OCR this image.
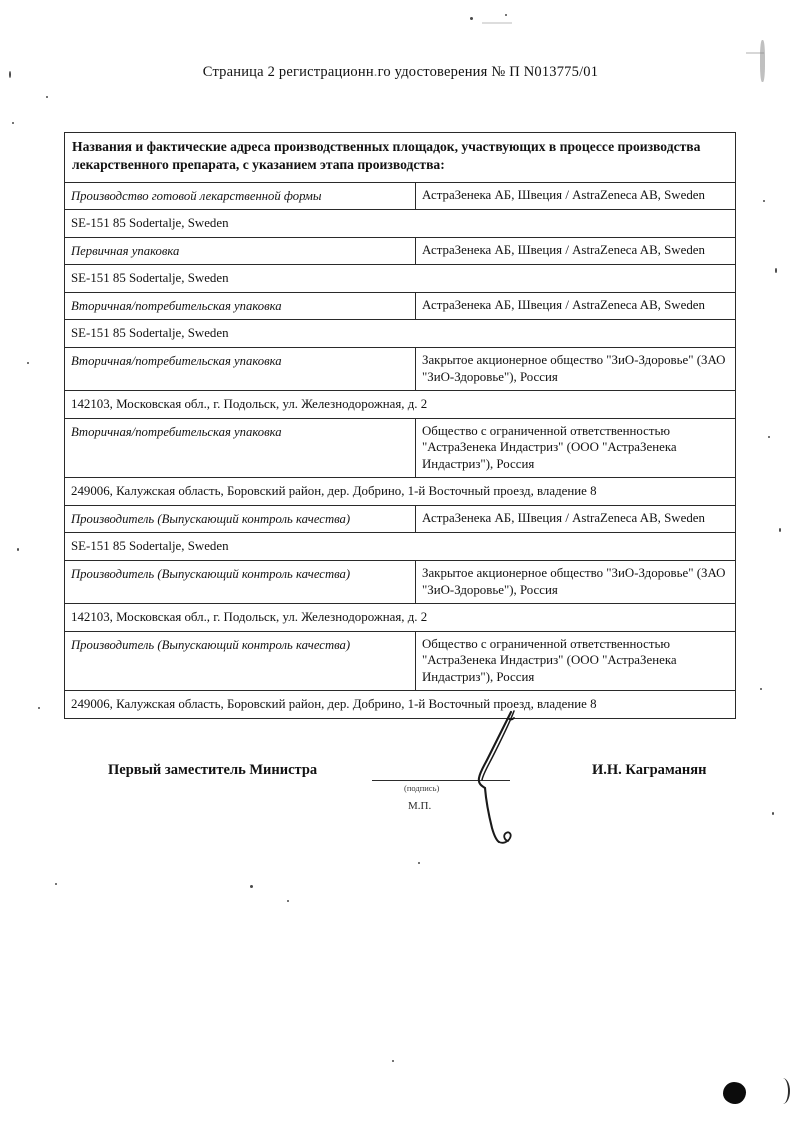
Страница 2 регистрационн.го удостоверения № П N013775/01
Названия и фактические адреса производственных площадок, участвующих в процессе производства лекарственного препарата, с указанием этапа производства:	
Производство готовой лекарственной формы	АстраЗенека АБ, Швеция / AstraZeneca AB, Sweden
SE-151 85 Sodertalje, Sweden	
Первичная упаковка	АстраЗенека АБ, Швеция / AstraZeneca AB, Sweden
SE-151 85 Sodertalje, Sweden	
Вторичная/потребительская упаковка	АстраЗенека АБ, Швеция / AstraZeneca AB, Sweden
SE-151 85 Sodertalje, Sweden	
Вторичная/потребительская упаковка	Закрытое акционерное общество "ЗиО-Здоровье" (ЗАО "ЗиО-Здоровье"), Россия
142103, Московская обл., г. Подольск, ул. Железнодорожная, д. 2	
Вторичная/потребительская упаковка	Общество с ограниченной ответственностью "АстраЗенека Индастриз" (ООО "АстраЗенека Индастриз"), Россия
249006, Калужская область, Боровский район, дер. Добрино, 1-й Восточный проезд, владение 8	
Производитель (Выпускающий контроль качества)	АстраЗенека АБ, Швеция / AstraZeneca AB, Sweden
SE-151 85 Sodertalje, Sweden	
Производитель (Выпускающий контроль качества)	Закрытое акционерное общество "ЗиО-Здоровье" (ЗАО "ЗиО-Здоровье"), Россия
142103, Московская обл., г. Подольск, ул. Железнодорожная, д. 2	
Производитель (Выпускающий контроль качества)	Общество с ограниченной ответственностью "АстраЗенека Индастриз" (ООО "АстраЗенека Индастриз"), Россия
249006, Калужская область, Боровский район, дер. Добрино, 1-й Восточный проезд, владение 8	
Первый заместитель Министра
(подпись)
М.П.
И.Н. Каграманян
